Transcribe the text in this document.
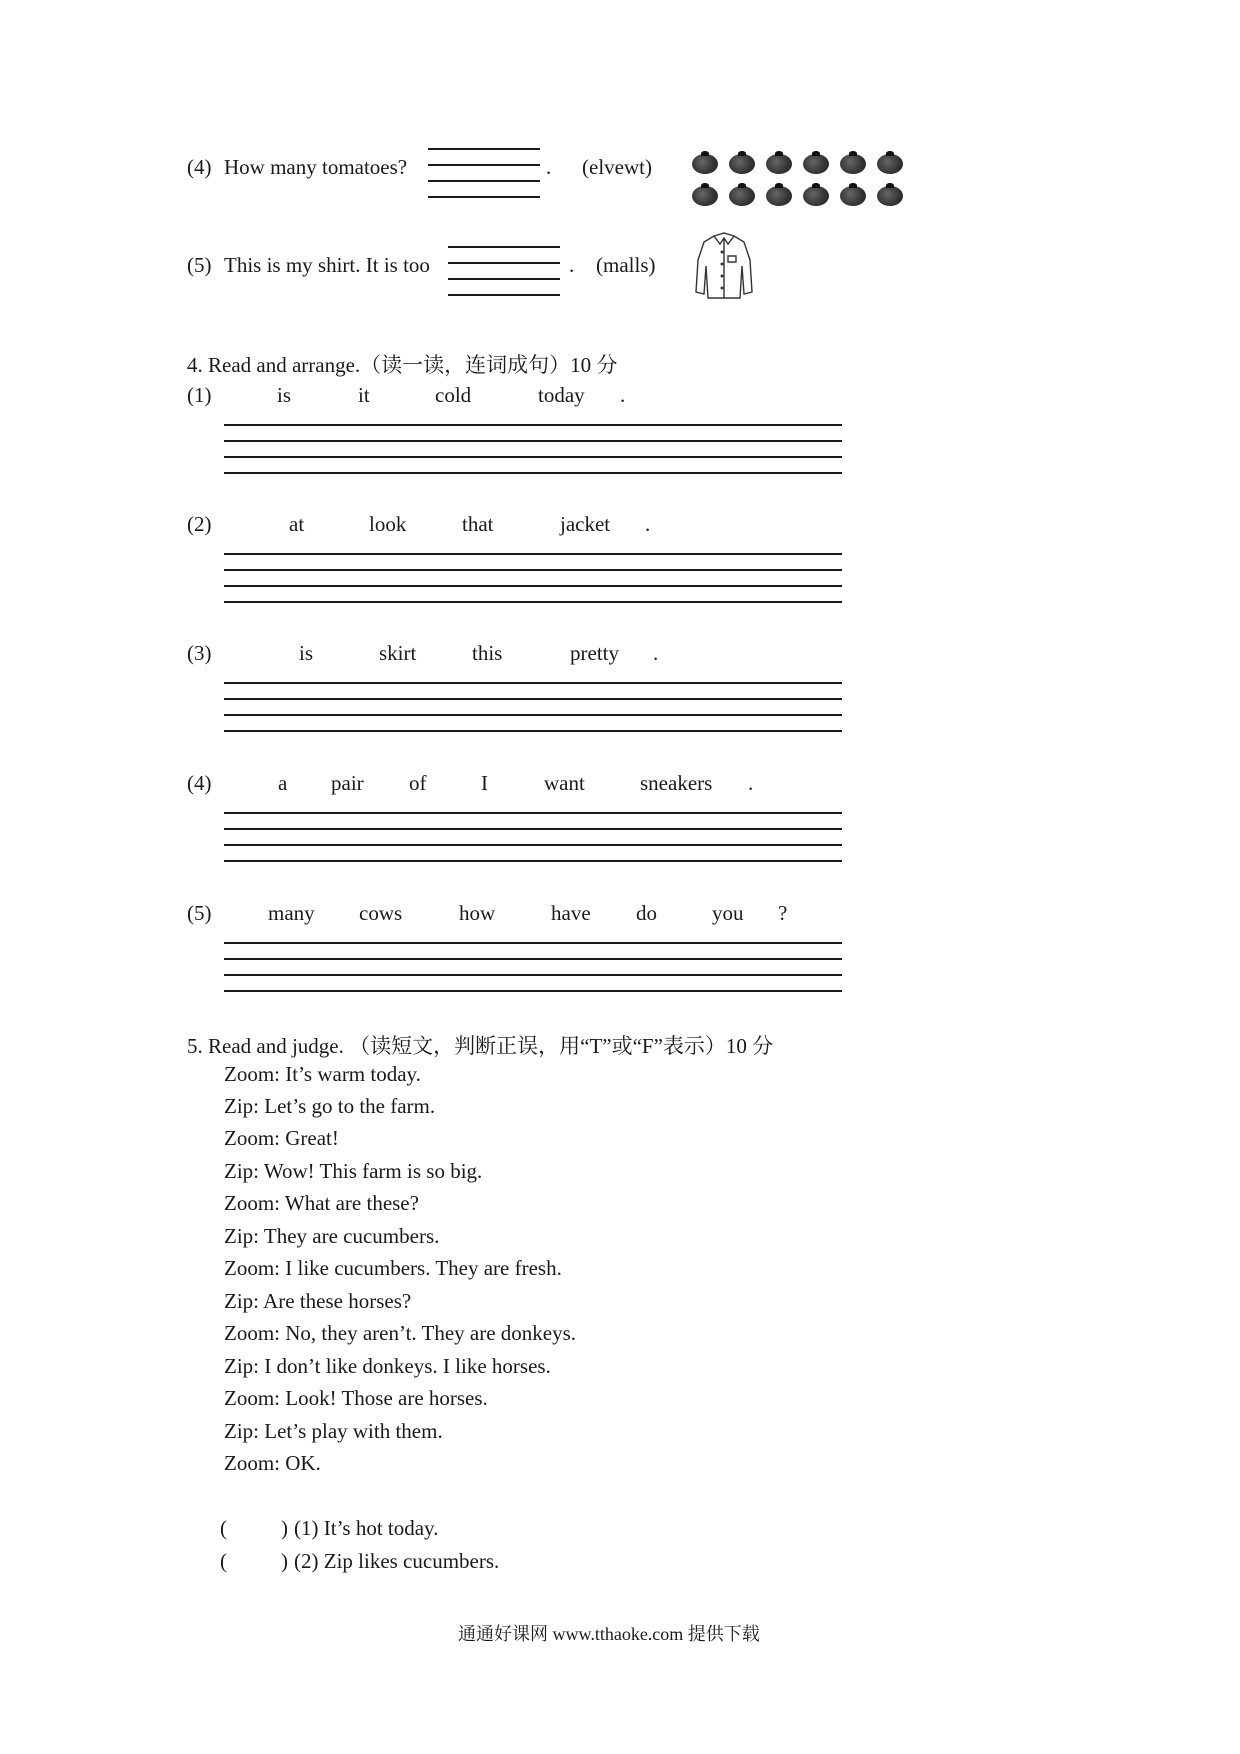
(4) How many tomatoes?	. (elvewt)
(5) This is my shirt. It is too	. (malls)
4. Read and arrange.（读一读，连词成句）10 分
(1)	is	it	cold	today .
(2)	at	look	that	jacket .
(3)	is	skirt	this	pretty .
(4)	a pair of	I	want	sneakers .
(5)	many cows	how	have do	you ?
5. Read and judge. （读短文，判断正误，用“T”或“F”表示）10 分
Zoom: It’s warm today.
Zip: Let’s go to the farm.
Zoom: Great!
Zip: Wow! This farm is so big.
Zoom: What are these?
Zip: They are cucumbers.
Zoom: I like cucumbers. They are fresh.
Zip: Are these horses?
Zoom: No, they aren’t. They are donkeys.
Zip: I don’t like donkeys. I like horses.
Zoom: Look! Those are horses.
Zip: Let’s play with them.
Zoom: OK.
(	) (1) It’s hot today.
(	) (2) Zip likes cucumbers.
通通好课网 www.tthaoke.com 提供下载
